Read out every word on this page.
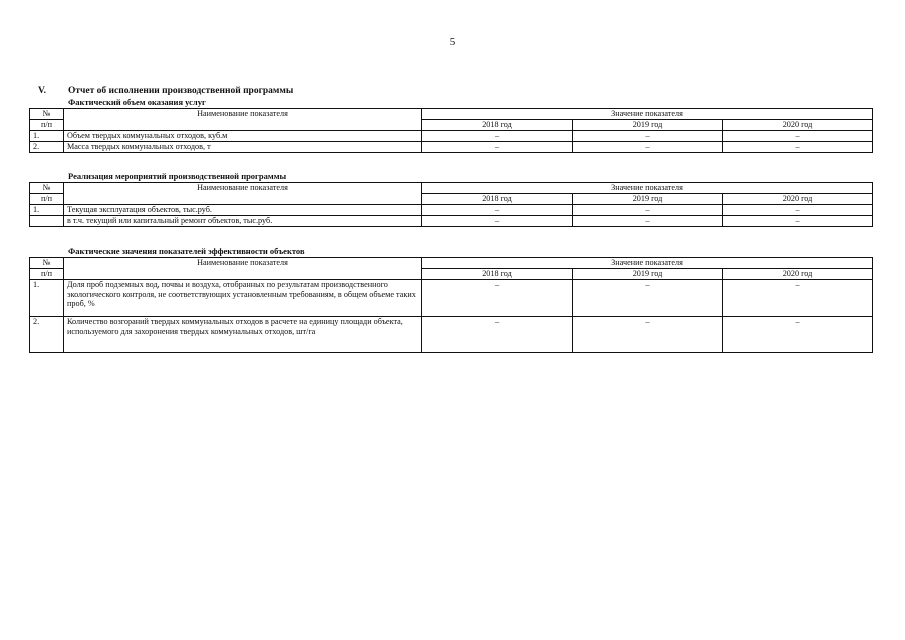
5
V. Отчет об исполнении производственной программы
Фактический объем оказания услуг
№	Наименование показателя	Значение показателя		
п/п		2018 год	2019 год	2020 год
1.	Объем твердых коммунальных отходов, куб.м	–	–	–
2.	Масса твердых коммунальных отходов, т	–	–	–
Реализация мероприятий производственной программы
№	Наименование показателя	Значение показателя		
п/п		2018 год	2019 год	2020 год
1.	Текущая эксплуатация объектов, тыс.руб.	–	–	–
	в т.ч. текущий или капитальный ремонт объектов, тыс.руб.	–	–	–
Фактические значения показателей эффективности объектов
№	Наименование показателя	Значение показателя		
п/п		2018 год	2019 год	2020 год
1.	Доля проб подземных вод, почвы и воздуха, отобранных по результатам производственного экологического контроля, не соответствующих установленным требованиям, в общем объеме таких проб, %	–	–	–
2.	Количество возгораний твердых коммунальных отходов в расчете на единицу площади объекта, используемого для захоронения твердых коммунальных отходов, шт/га	–	–	–
